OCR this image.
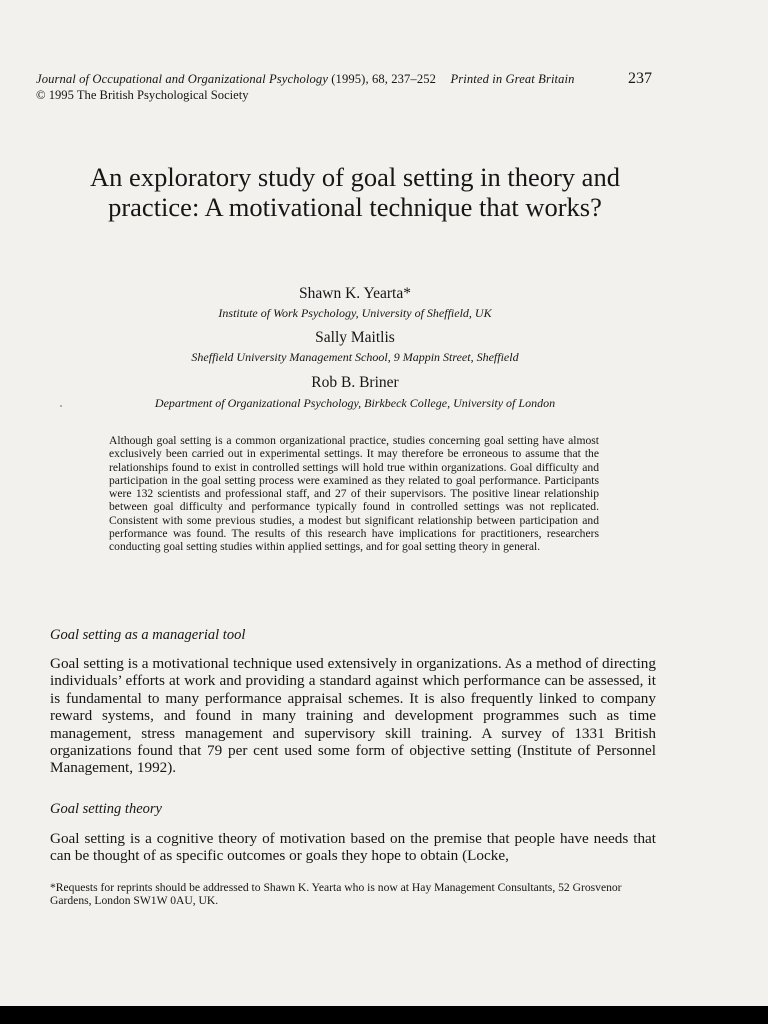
Journal of Occupational and Organizational Psychology (1995), 68, 237–252 Printed in Great Britain	237
© 1995 The British Psychological Society
An exploratory study of goal setting in theory and practice: A motivational technique that works?
Shawn K. Yearta*
Institute of Work Psychology, University of Sheffield, UK
Sally Maitlis
Sheffield University Management School, 9 Mappin Street, Sheffield
Rob B. Briner
Department of Organizational Psychology, Birkbeck College, University of London
Although goal setting is a common organizational practice, studies concerning goal setting have almost exclusively been carried out in experimental settings. It may therefore be erroneous to assume that the relationships found to exist in controlled settings will hold true within organizations. Goal difficulty and participation in the goal setting process were examined as they related to goal performance. Participants were 132 scientists and professional staff, and 27 of their supervisors. The positive linear relationship between goal difficulty and performance typically found in controlled settings was not replicated. Consistent with some previous studies, a modest but significant relationship between participation and performance was found. The results of this research have implications for practitioners, researchers conducting goal setting studies within applied settings, and for goal setting theory in general.
Goal setting as a managerial tool
Goal setting is a motivational technique used extensively in organizations. As a method of directing individuals’ efforts at work and providing a standard against which performance can be assessed, it is fundamental to many performance appraisal schemes. It is also frequently linked to company reward systems, and found in many training and development programmes such as time management, stress management and supervisory skill training. A survey of 1331 British organizations found that 79 per cent used some form of objective setting (Institute of Personnel Management, 1992).
Goal setting theory
Goal setting is a cognitive theory of motivation based on the premise that people have needs that can be thought of as specific outcomes or goals they hope to obtain (Locke,
*Requests for reprints should be addressed to Shawn K. Yearta who is now at Hay Management Consultants, 52 Grosvenor Gardens, London SW1W 0AU, UK.
